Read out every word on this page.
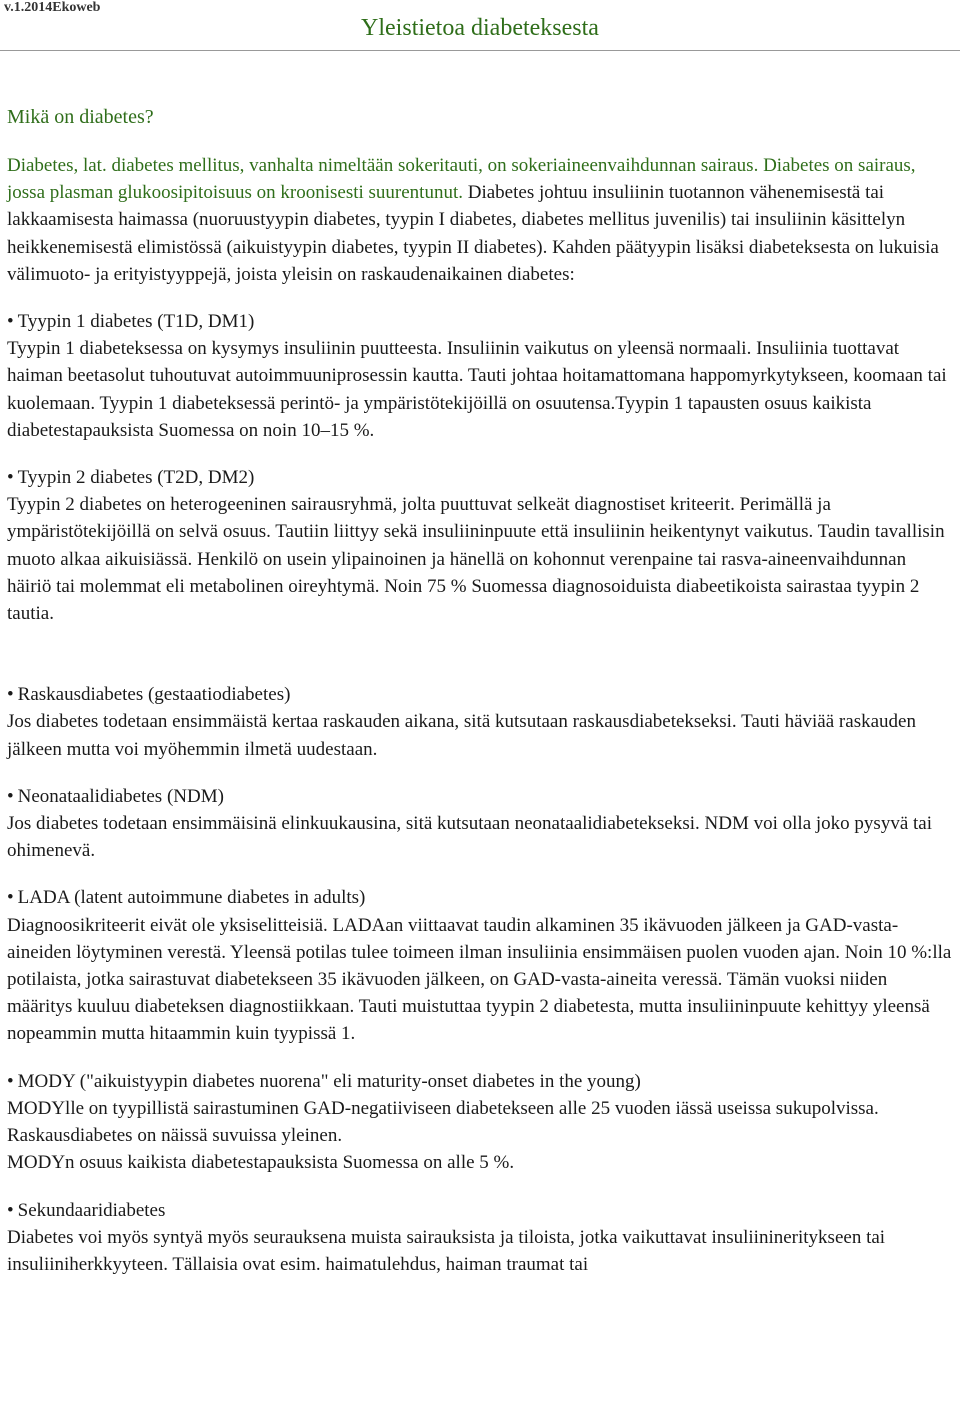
v.1.2014Ekoweb
Yleistietoa diabeteksesta
Mikä on diabetes?

Diabetes, lat. diabetes mellitus, vanhalta nimeltään sokeritauti, on sokeriaineenvaihdunnan sairaus. Diabetes on sairaus, jossa plasman glukoosipitoisuus on kroonisesti suurentunut. Diabetes johtuu insuliinin tuotannon vähenemisestä tai lakkaamisesta haimassa (nuoruustyypin diabetes, tyypin I diabetes, diabetes mellitus juvenilis) tai insuliinin käsittelyn heikkenemisestä elimistössä (aikuistyypin diabetes, tyypin II diabetes). Kahden päätyypin lisäksi diabeteksesta on lukuisia välimuoto- ja erityistyyppejä, joista yleisin on raskaudenaikainen diabetes:

• Tyypin 1 diabetes (T1D, DM1)

Tyypin 1 diabeteksessa on kysymys insuliinin puutteesta. Insuliinin vaikutus on yleensä normaali. Insuliinia tuottavat haiman beetasolut tuhoutuvat autoimmuuniprosessin kautta. Tauti johtaa hoitamattomana happomyrkytykseen, koomaan tai kuolemaan. Tyypin 1 diabeteksessä perintö- ja ympäristötekijöillä on osuutensa.Tyypin 1 tapausten osuus kaikista diabetestapauksista Suomessa on noin 10–15 %.

• Tyypin 2 diabetes (T2D, DM2)

Tyypin 2 diabetes on heterogeeninen sairausryhmä, jolta puuttuvat selkeät diagnostiset kriteerit. Perimällä ja ympäristötekijöillä on selvä osuus. Tautiin liittyy sekä insuliininpuute että insuliinin heikentynyt vaikutus. Taudin tavallisin muoto alkaa aikuisiässä. Henkilö on usein ylipainoinen ja hänellä on kohonnut verenpaine tai rasva-aineenvaihdunnan häiriö tai molemmat eli metabolinen oireyhtymä. Noin 75 % Suomessa diagnosoiduista diabeetikoista sairastaa tyypin 2 tautia.

• Raskausdiabetes (gestaatiodiabetes)

Jos diabetes todetaan ensimmäistä kertaa raskauden aikana, sitä kutsutaan raskausdiabetekseksi. Tauti häviää raskauden jälkeen mutta voi myöhemmin ilmetä uudestaan.

• Neonataalidiabetes (NDM)

Jos diabetes todetaan ensimmäisinä elinkuukausina, sitä kutsutaan neonataalidiabetekseksi. NDM voi olla joko pysyvä tai ohimenevä.

• LADA (latent autoimmune diabetes in adults)

Diagnoosikriteerit eivät ole yksiselitteisiä. LADAan viittaavat taudin alkaminen 35 ikävuoden jälkeen ja GAD-vasta-aineiden löytyminen verestä. Yleensä potilas tulee toimeen ilman insuliinia ensimmäisen puolen vuoden ajan. Noin 10 %:lla potilaista, jotka sairastuvat diabetekseen 35 ikävuoden jälkeen, on GAD-vasta-aineita veressä. Tämän vuoksi niiden määritys kuuluu diabeteksen diagnostiikkaan. Tauti muistuttaa tyypin 2 diabetesta, mutta insuliininpuute kehittyy yleensä nopeammin mutta hitaammin kuin tyypissä 1.

• MODY ("aikuistyypin diabetes nuorena" eli maturity-onset diabetes in the young)

MODYlle on tyypillistä sairastuminen GAD-negatiiviseen diabetekseen alle 25 vuoden iässä useissa sukupolvissa. Raskausdiabetes on näissä suvuissa yleinen.

MODYn osuus kaikista diabetestapauksista Suomessa on alle 5 %.

• Sekundaaridiabetes

Diabetes voi myös syntyä myös seurauksena muista sairauksista ja tiloista, jotka vaikuttavat insuliinineritykseen tai insuliiniherkkyyteen. Tällaisia ovat esim. haimatulehdus, haiman traumat tai
